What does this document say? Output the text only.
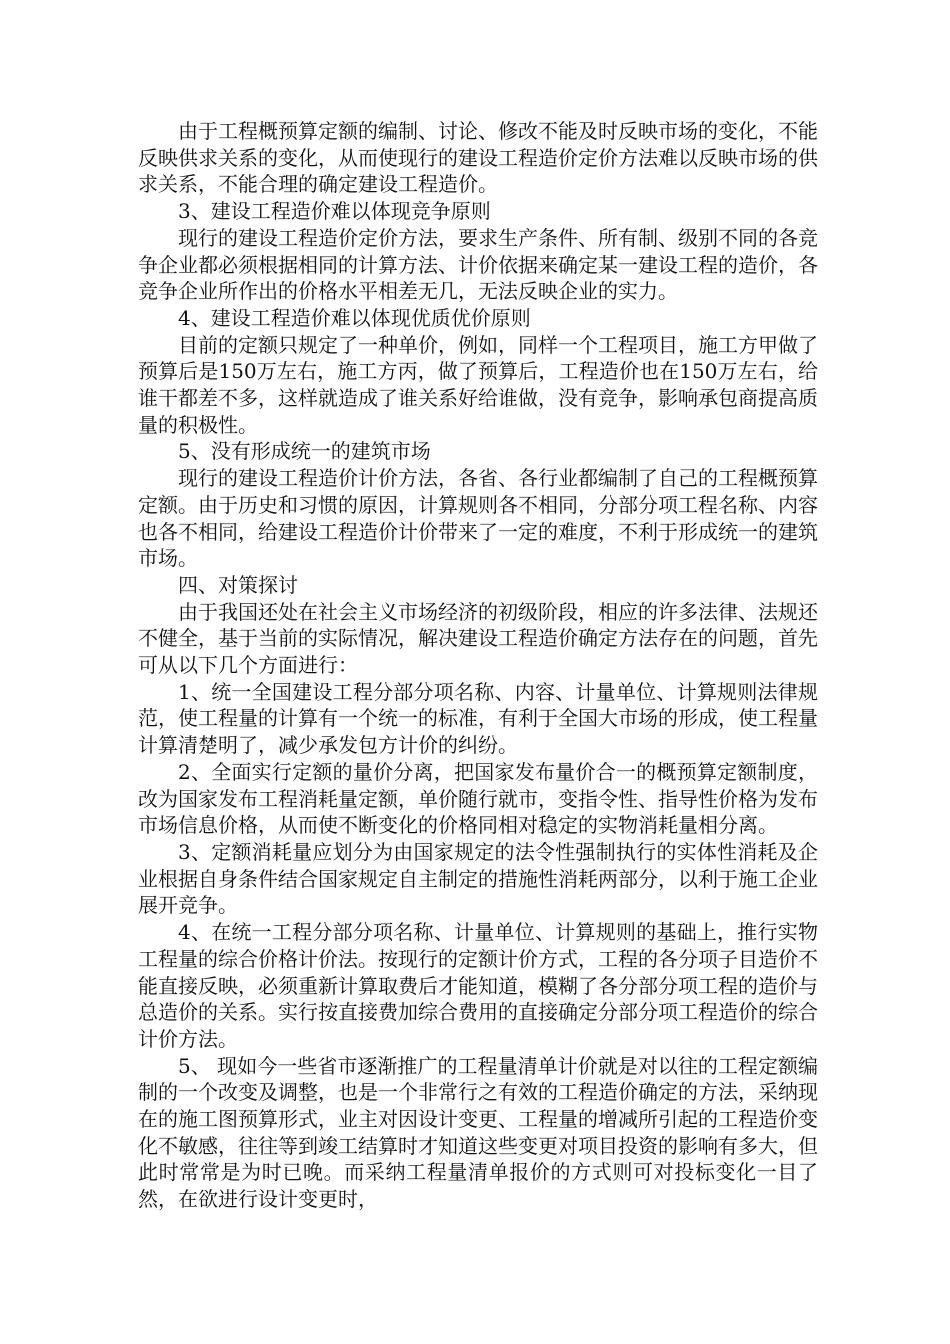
由于工程概预算定额的编制、讨论、修改不能及时反映市场的变化，不能反映供求关系的变化，从而使现行的建设工程造价定价方法难以反映市场的供求关系，不能合理的确定建设工程造价。

3、建设工程造价难以体现竞争原则

现行的建设工程造价定价方法，要求生产条件、所有制、级别不同的各竞争企业都必须根据相同的计算方法、计价依据来确定某一建设工程的造价，各竞争企业所作出的价格水平相差无几，无法反映企业的实力。

4、建设工程造价难以体现优质优价原则

目前的定额只规定了一种单价，例如，同样一个工程项目，施工方甲做了预算后是150万左右，施工方丙，做了预算后，工程造价也在150万左右，给谁干都差不多，这样就造成了谁关系好给谁做，没有竞争，影响承包商提高质量的积极性。

5、没有形成统一的建筑市场

现行的建设工程造价计价方法，各省、各行业都编制了自己的工程概预算定额。由于历史和习惯的原因，计算规则各不相同，分部分项工程名称、内容也各不相同，给建设工程造价计价带来了一定的难度，不利于形成统一的建筑市场。

四、对策探讨

由于我国还处在社会主义市场经济的初级阶段，相应的许多法律、法规还不健全，基于当前的实际情况，解决建设工程造价确定方法存在的问题，首先可从以下几个方面进行：

1、统一全国建设工程分部分项名称、内容、计量单位、计算规则法律规范，使工程量的计算有一个统一的标准，有利于全国大市场的形成，使工程量计算清楚明了，减少承发包方计价的纠纷。

2、全面实行定额的量价分离，把国家发布量价合一的概预算定额制度，改为国家发布工程消耗量定额，单价随行就市，变指令性、指导性价格为发布市场信息价格，从而使不断变化的价格同相对稳定的实物消耗量相分离。

3、定额消耗量应划分为由国家规定的法令性强制执行的实体性消耗及企业根据自身条件结合国家规定自主制定的措施性消耗两部分，以利于施工企业展开竞争。

4、在统一工程分部分项名称、计量单位、计算规则的基础上，推行实物工程量的综合价格计价法。按现行的定额计价方式，工程的各分项子目造价不能直接反映，必须重新计算取费后才能知道，模糊了各分部分项工程的造价与总造价的关系。实行按直接费加综合费用的直接确定分部分项工程造价的综合计价方法。

5、 现如今一些省市逐渐推广的工程量清单计价就是对以往的工程定额编制的一个改变及调整，也是一个非常行之有效的工程造价确定的方法，采纳现在的施工图预算形式，业主对因设计变更、工程量的增减所引起的工程造价变化不敏感，往往等到竣工结算时才知道这些变更对项目投资的影响有多大，但此时常常是为时已晚。而采纳工程量清单报价的方式则可对投标变化一目了然，在欲进行设计变更时，
